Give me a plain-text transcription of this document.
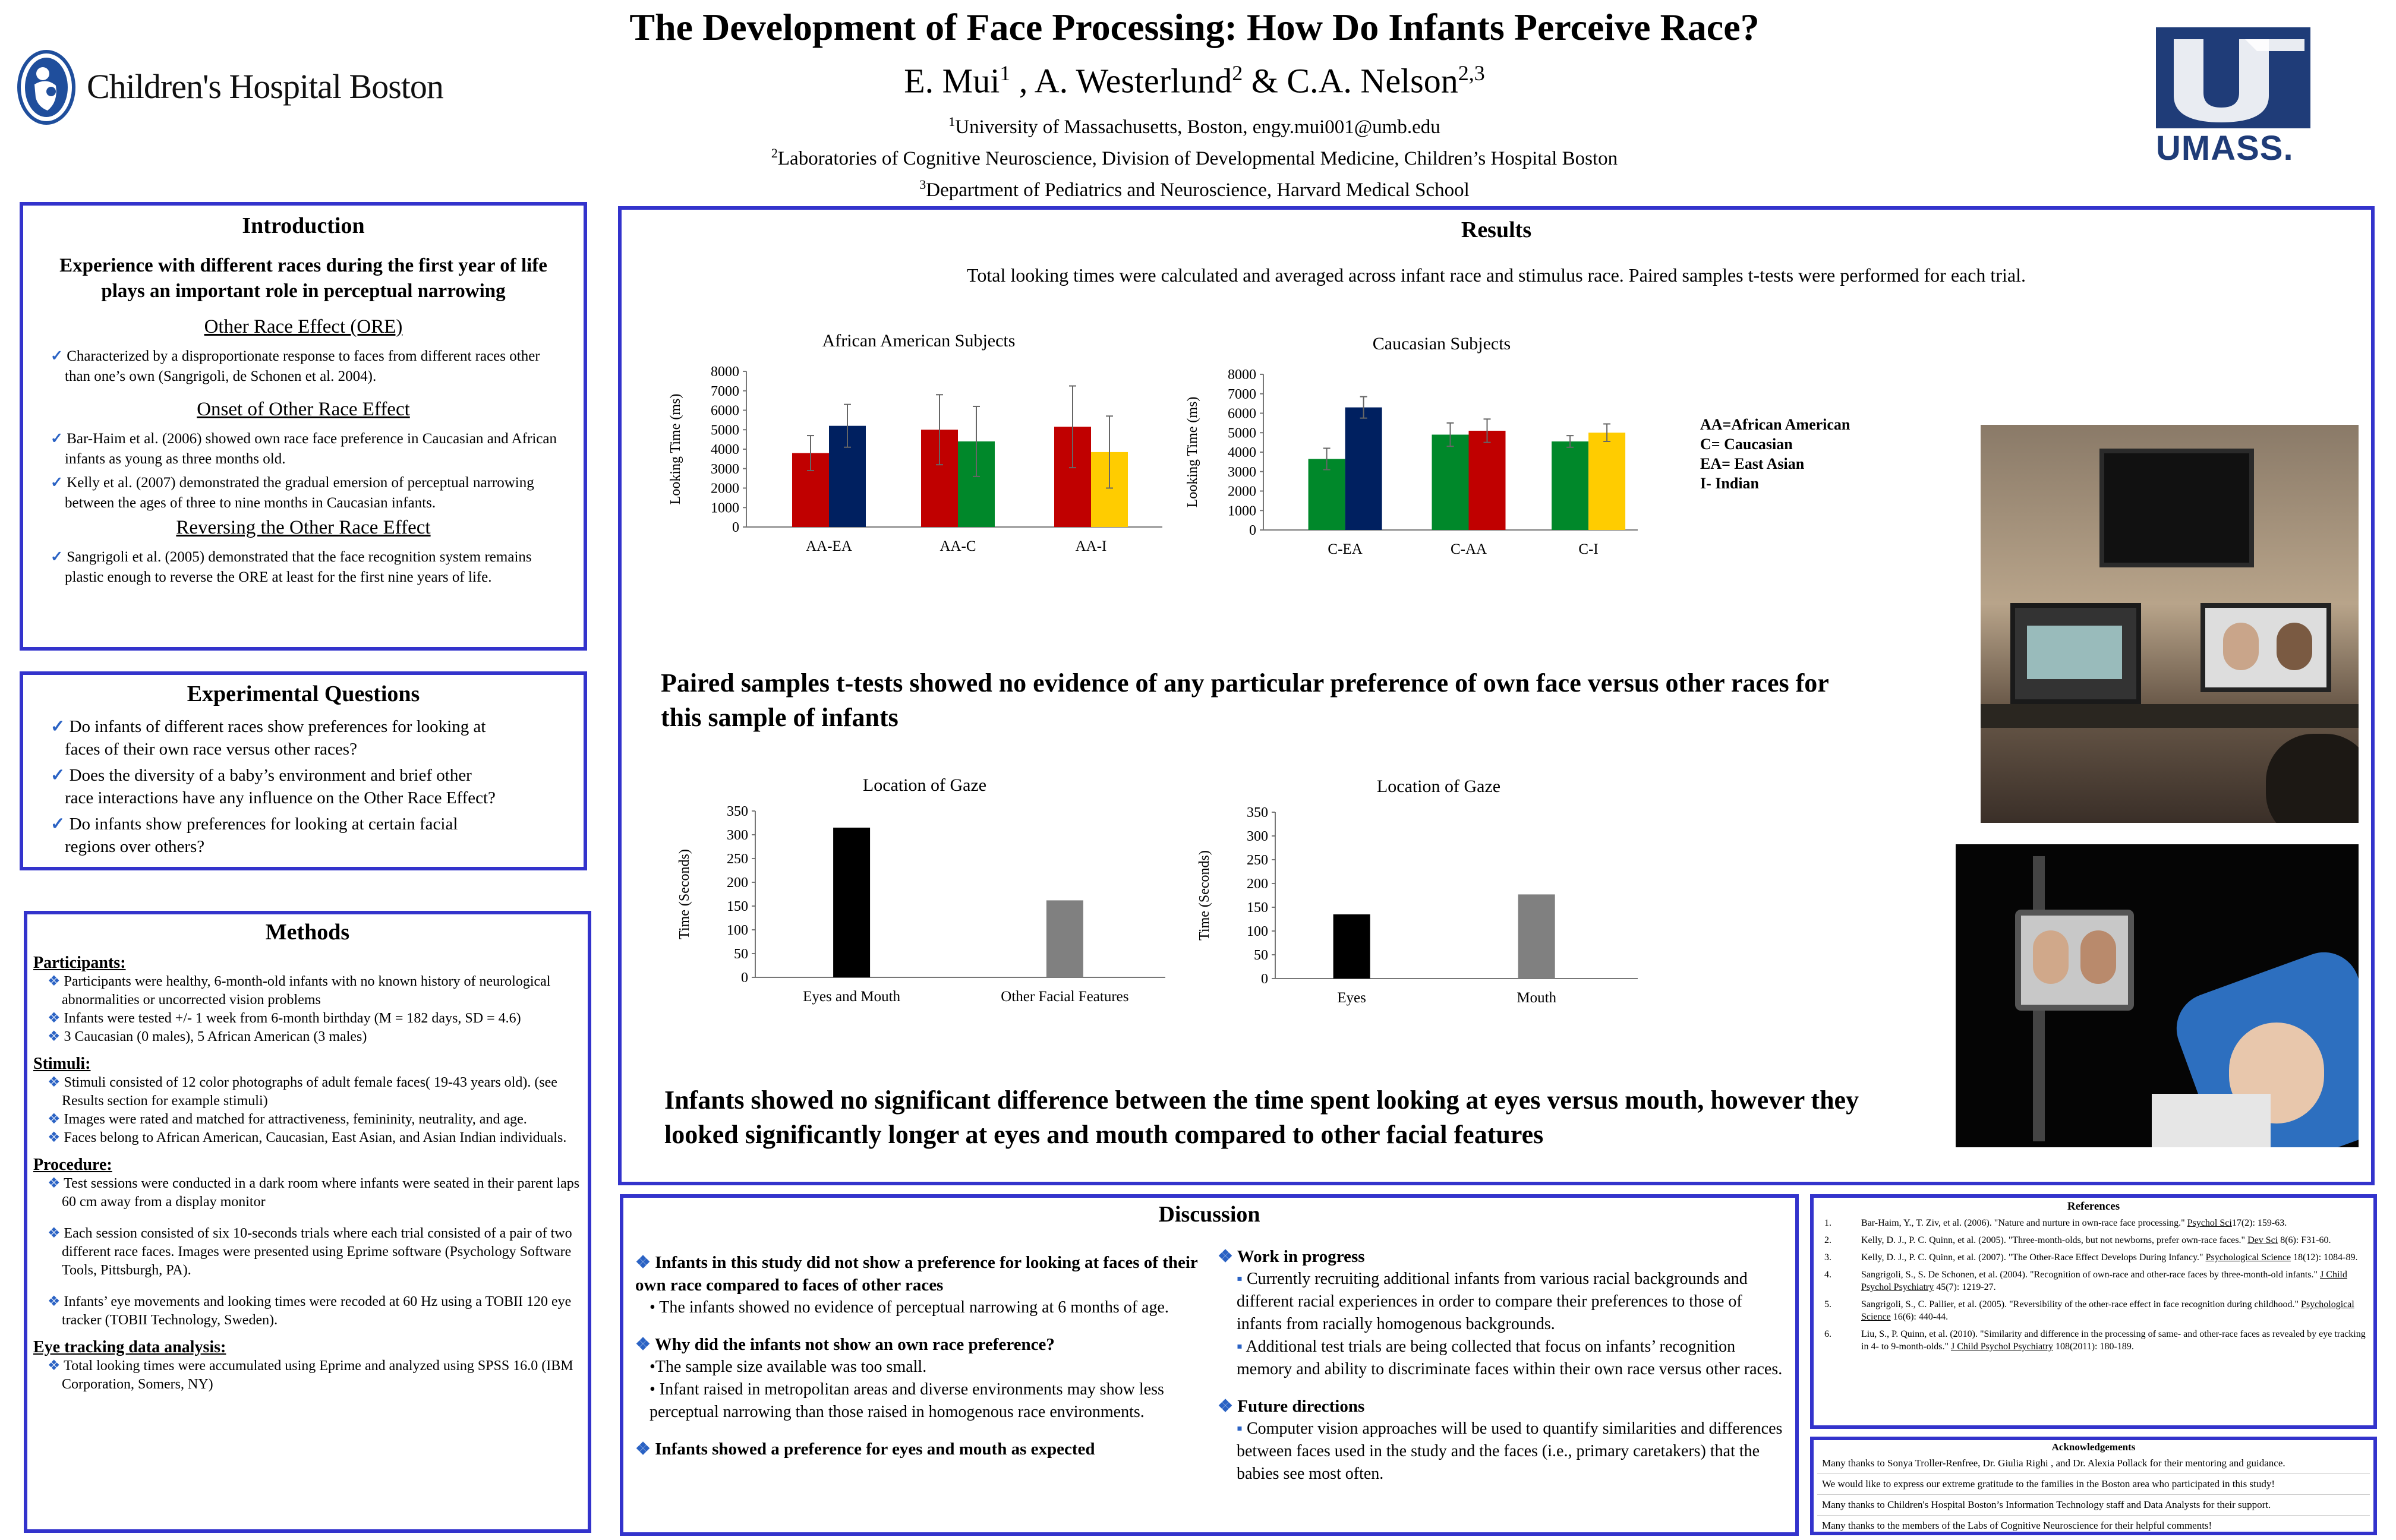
Children's Hospital Boston
The Development of Face Processing: How Do Infants Perceive Race?
E. Mui$^1$ , A. Westerlund$^2$ & C.A. Nelson$^{2,3}$
$^1$University of Massachusetts, Boston, engy.mui001@umb.edu
$^2$Laboratories of Cognitive Neuroscience, Division of Developmental Medicine, Children’s Hospital Boston
$^3$Department of Pediatrics and Neuroscience, Harvard Medical School
UMASS.
Introduction
Experience with different races during the first year of life plays an important role in perceptual narrowing
Other Race Effect (ORE)
✓ Characterized by a disproportionate response to faces from different races other than one’s own (Sangrigoli, de Schonen et al. 2004).
Onset of Other Race Effect
✓ Bar-Haim et al. (2006) showed own race face preference in Caucasian and African infants as young as three months old.
✓ Kelly et al. (2007) demonstrated the gradual emersion of perceptual narrowing between the ages of three to nine months in Caucasian infants.
Reversing the Other Race Effect
✓ Sangrigoli et al. (2005) demonstrated that the face recognition system remains plastic enough to reverse the ORE at least for the first nine years of life.
Experimental Questions
✓ Do infants of different races show preferences for looking at faces of their own race versus other races?
✓ Does the diversity of a baby’s environment and brief other race interactions have any influence on the Other Race Effect?
✓ Do infants show preferences for looking at certain facial regions over others?
Methods
Participants:
❖ Participants were healthy, 6-month-old infants with no known history of neurological abnormalities or uncorrected vision problems
❖ Infants were tested +/- 1 week from 6-month birthday (M = 182 days, SD = 4.6)
❖ 3 Caucasian (0 males), 5 African American (3 males)
Stimuli:
❖ Stimuli consisted of 12 color photographs of adult female faces( 19-43 years old). (see Results section for example stimuli)
❖ Images were rated and matched for attractiveness, femininity, neutrality, and age.
❖ Faces belong to African American, Caucasian, East Asian, and Asian Indian individuals.
Procedure:
❖ Test sessions were conducted in a dark room where infants were seated in their parent laps 60 cm away from a display monitor
❖ Each session consisted of six 10-seconds trials where each trial consisted of a pair of two different race faces. Images were presented using Eprime software (Psychology Software Tools, Pittsburgh, PA).
❖ Infants’ eye movements and looking times were recoded at 60 Hz using a TOBII 120 eye tracker (TOBII Technology, Sweden).
Eye tracking data analysis:
❖ Total looking times were accumulated using Eprime and analyzed using SPSS 16.0 (IBM Corporation, Somers, NY)
Results
Total looking times were calculated and averaged across infant race and stimulus race. Paired samples t-tests were performed for each trial.
African American Subjects
Looking Time (ms)
0
1000
2000
3000
4000
5000
6000
7000
8000
AA-EA	AA-C	AA-I
Caucasian Subjects
Looking Time (ms)
0
1000
2000
3000
4000
5000
6000
7000
8000
C-EA	C-AA	C-I
AA=African American
C= Caucasian
EA= East Asian
I- Indian
Paired samples t-tests showed no evidence of any particular preference of own face versus other races for this sample of infants
Location of Gaze
Time (Seconds)
0
50
100
150
200
250
300
350
Eyes and Mouth	Other Facial Features
Location of Gaze
Time (Seconds)
0
50
100
150
200
250
300
350
Eyes	Mouth
Infants showed no significant difference between the time spent looking at eyes versus mouth, however they looked significantly longer at eyes and mouth compared to other facial features
Discussion
❖ Infants in this study did not show a preference for looking at faces of their own race compared to faces of other races
• The infants showed no evidence of perceptual narrowing at 6 months of age.
❖ Why did the infants not show an own race preference?
•The sample size available was too small.
• Infant raised in metropolitan areas and diverse environments may show less perceptual narrowing than those raised in homogenous race environments.
❖ Infants showed a preference for eyes and mouth as expected
❖ Work in progress
▪ Currently recruiting additional infants from various racial backgrounds and different racial experiences in order to compare their preferences to those of infants from racially homogenous backgrounds.
▪ Additional test trials are being collected that focus on infants’ recognition memory and ability to discriminate faces within their own race versus other races.
❖ Future directions
▪ Computer vision approaches will be used to quantify similarities and differences between faces used in the study and the faces (i.e., primary caretakers) that the babies see most often.
References
1.	Bar-Haim, Y., T. Ziv, et al. (2006). "Nature and nurture in own-race face processing." Psychol Sci17(2): 159-63.
2.	Kelly, D. J., P. C. Quinn, et al. (2005). "Three-month-olds, but not newborns, prefer own-race faces." Dev Sci 8(6): F31-60.
3.	Kelly, D. J., P. C. Quinn, et al. (2007). "The Other-Race Effect Develops During Infancy." Psychological Science 18(12): 1084-89.
4.	Sangrigoli, S., S. De Schonen, et al. (2004). "Recognition of own-race and other-race faces by three-month-old infants." J Child Psychol Psychiatry 45(7): 1219-27.
5.	Sangrigoli, S., C. Pallier, et al. (2005). "Reversibility of the other-race effect in face recognition during childhood." Psychological Science 16(6): 440-44.
6.	Liu, S., P. Quinn, et al. (2010). "Similarity and difference in the processing of same- and other-race faces as revealed by eye tracking in 4- to 9-month-olds." J Child Psychol Psychiatry 108(2011): 180-189.
Acknowledgements
Many thanks to Sonya Troller-Renfree, Dr. Giulia Righi , and Dr. Alexia Pollack for their mentoring and guidance.
We would like to express our extreme gratitude to the families in the Boston area who participated in this study!
Many thanks to Children's Hospital Boston’s Information Technology staff and Data Analysts for their support.
Many thanks to the members of the Labs of Cognitive Neuroscience for their helpful comments!
